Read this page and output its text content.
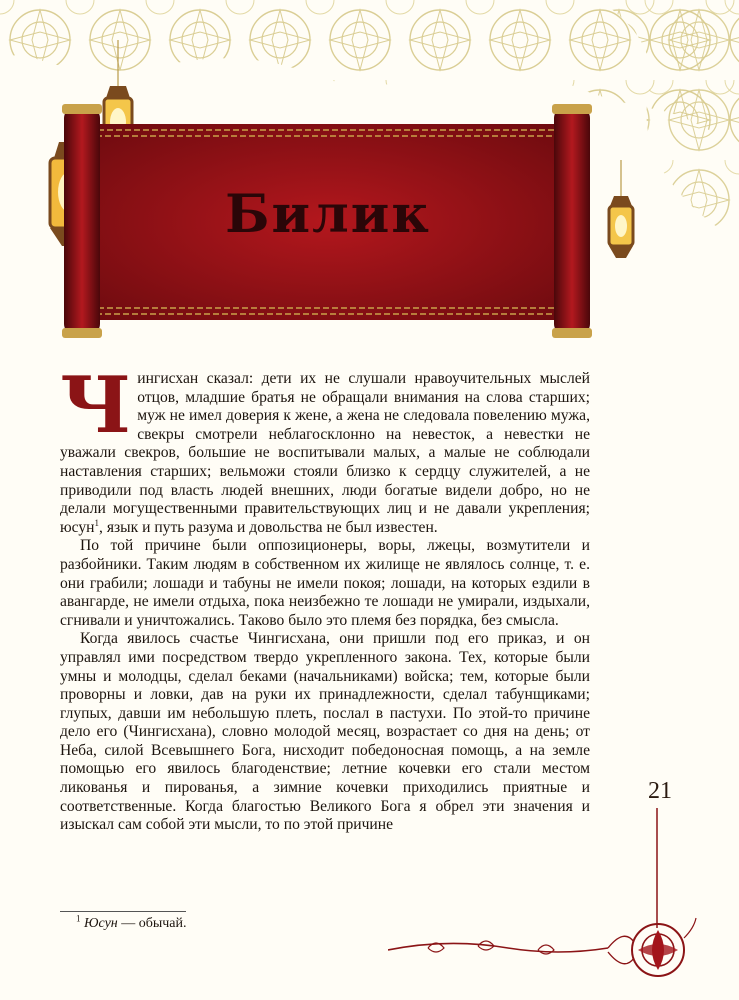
Билик

Чингисхан сказал: дети их не слушали нравоучительных мыслей отцов, младшие братья не обращали внимания на слова старших; муж не имел доверия к жене, а жена не следовала повелению мужа, свекры смотрели неблагосклонно на невесток, а невестки не уважали свекров, большие не воспитывали малых, а малые не соблюдали наставления старших; вельможи стояли близко к сердцу служителей, а не приводили под власть людей внешних, люди богатые видели добро, но не делали могущественными правительствующих лиц и не давали укрепления; юсун$^1$, язык и путь разума и довольства не был известен.

По той причине были оппозиционеры, воры, лжецы, возмутители и разбойники. Таким людям в собственном их жилище не являлось солнце, т. е. они грабили; лошади и табуны не имели покоя; лошади, на которых ездили в авангарде, не имели отдыха, пока неизбежно те лошади не умирали, издыхали, сгнивали и уничтожались. Таково было это племя без порядка, без смысла.

Когда явилось счастье Чингисхана, они пришли под его приказ, и он управлял ими посредством твердо укрепленного закона. Тех, которые были умны и молодцы, сделал беками (начальниками) войска; тем, которые были проворны и ловки, дав на руки их принадлежности, сделал табунщиками; глупых, давши им небольшую плеть, послал в пастухи. По этой-то причине дело его (Чингисхана), словно молодой месяц, возрастает со дня на день; от Неба, силой Всевышнего Бога, нисходит победоносная помощь, а на земле помощью его явилось благоденствие; летние кочевки его стали местом ликованья и пированья, а зимние кочевки приходились приятные и соответственные. Когда благостью Великого Бога я обрел эти значения и изыскал сам собой эти мысли, то по этой причине

$^1$ Юсун — обычай.
21
